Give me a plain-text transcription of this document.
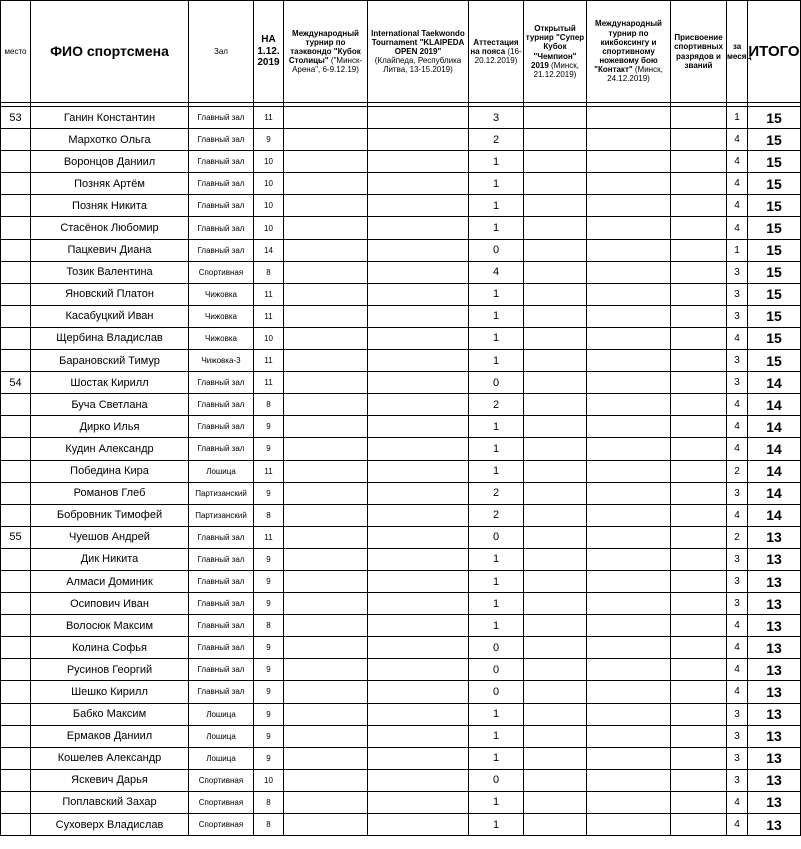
место	ФИО спортсмена	Зал	НА
1.12.
2019	Международный турнир по таэквондо "Кубок Столицы" ("Минск-Арена", 6-9.12.19)	International Taekwondo Tournament "KLAIPEDA OPEN 2019"
(Клайпеда, Республика Литва, 13-15.2019)	Аттестация на пояса (16-20.12.2019)	Открытый турнир "Супер Кубок "Чемпион" 2019 (Минск, 21.12.2019)	Международный турнир по кикбоксингу и спортивному ножевому бою "Контакт" (Минск, 24.12.2019)	Присвоение спортивных разрядов и званий	за месяц	ИТОГО

53	Ганин Константин	Главный зал	11			3				1	15
	Мархотко Ольга	Главный зал	9			2				4	15
	Воронцов Даниил	Главный зал	10			1				4	15
	Позняк Артём	Главный зал	10			1				4	15
	Позняк Никита	Главный зал	10			1				4	15
	Стасёнок Любомир	Главный зал	10			1				4	15
	Пацкевич Диана	Главный зал	14			0				1	15
	Тозик Валентина	Спортивная	8			4				3	15
	Яновский Платон	Чижовка	11			1				3	15
	Касабуцкий Иван	Чижовка	11			1				3	15
	Щербина Владислав	Чижовка	10			1				4	15
	Барановский Тимур	Чижовка-3	11			1				3	15
54	Шостак Кирилл	Главный зал	11			0				3	14
	Буча Светлана	Главный зал	8			2				4	14
	Дирко Илья	Главный зал	9			1				4	14
	Кудин Александр	Главный зал	9			1				4	14
	Победина Кира	Лошица	11			1				2	14
	Романов Глеб	Партизанский	9			2				3	14
	Бобровник Тимофей	Партизанский	8			2				4	14
55	Чуешов Андрей	Главный зал	11			0				2	13
	Дик Никита	Главный зал	9			1				3	13
	Алмаси Доминик	Главный зал	9			1				3	13
	Осипович Иван	Главный зал	9			1				3	13
	Волосюк Максим	Главный зал	8			1				4	13
	Колина Софья	Главный зал	9			0				4	13
	Русинов Георгий	Главный зал	9			0				4	13
	Шешко Кирилл	Главный зал	9			0				4	13
	Бабко Максим	Лошица	9			1				3	13
	Ермаков Даниил	Лошица	9			1				3	13
	Кошелев Александр	Лошица	9			1				3	13
	Яскевич Дарья	Спортивная	10			0				3	13
	Поплавский Захар	Спортивная	8			1				4	13
	Суховерх Владислав	Спортивная	8			1				4	13
